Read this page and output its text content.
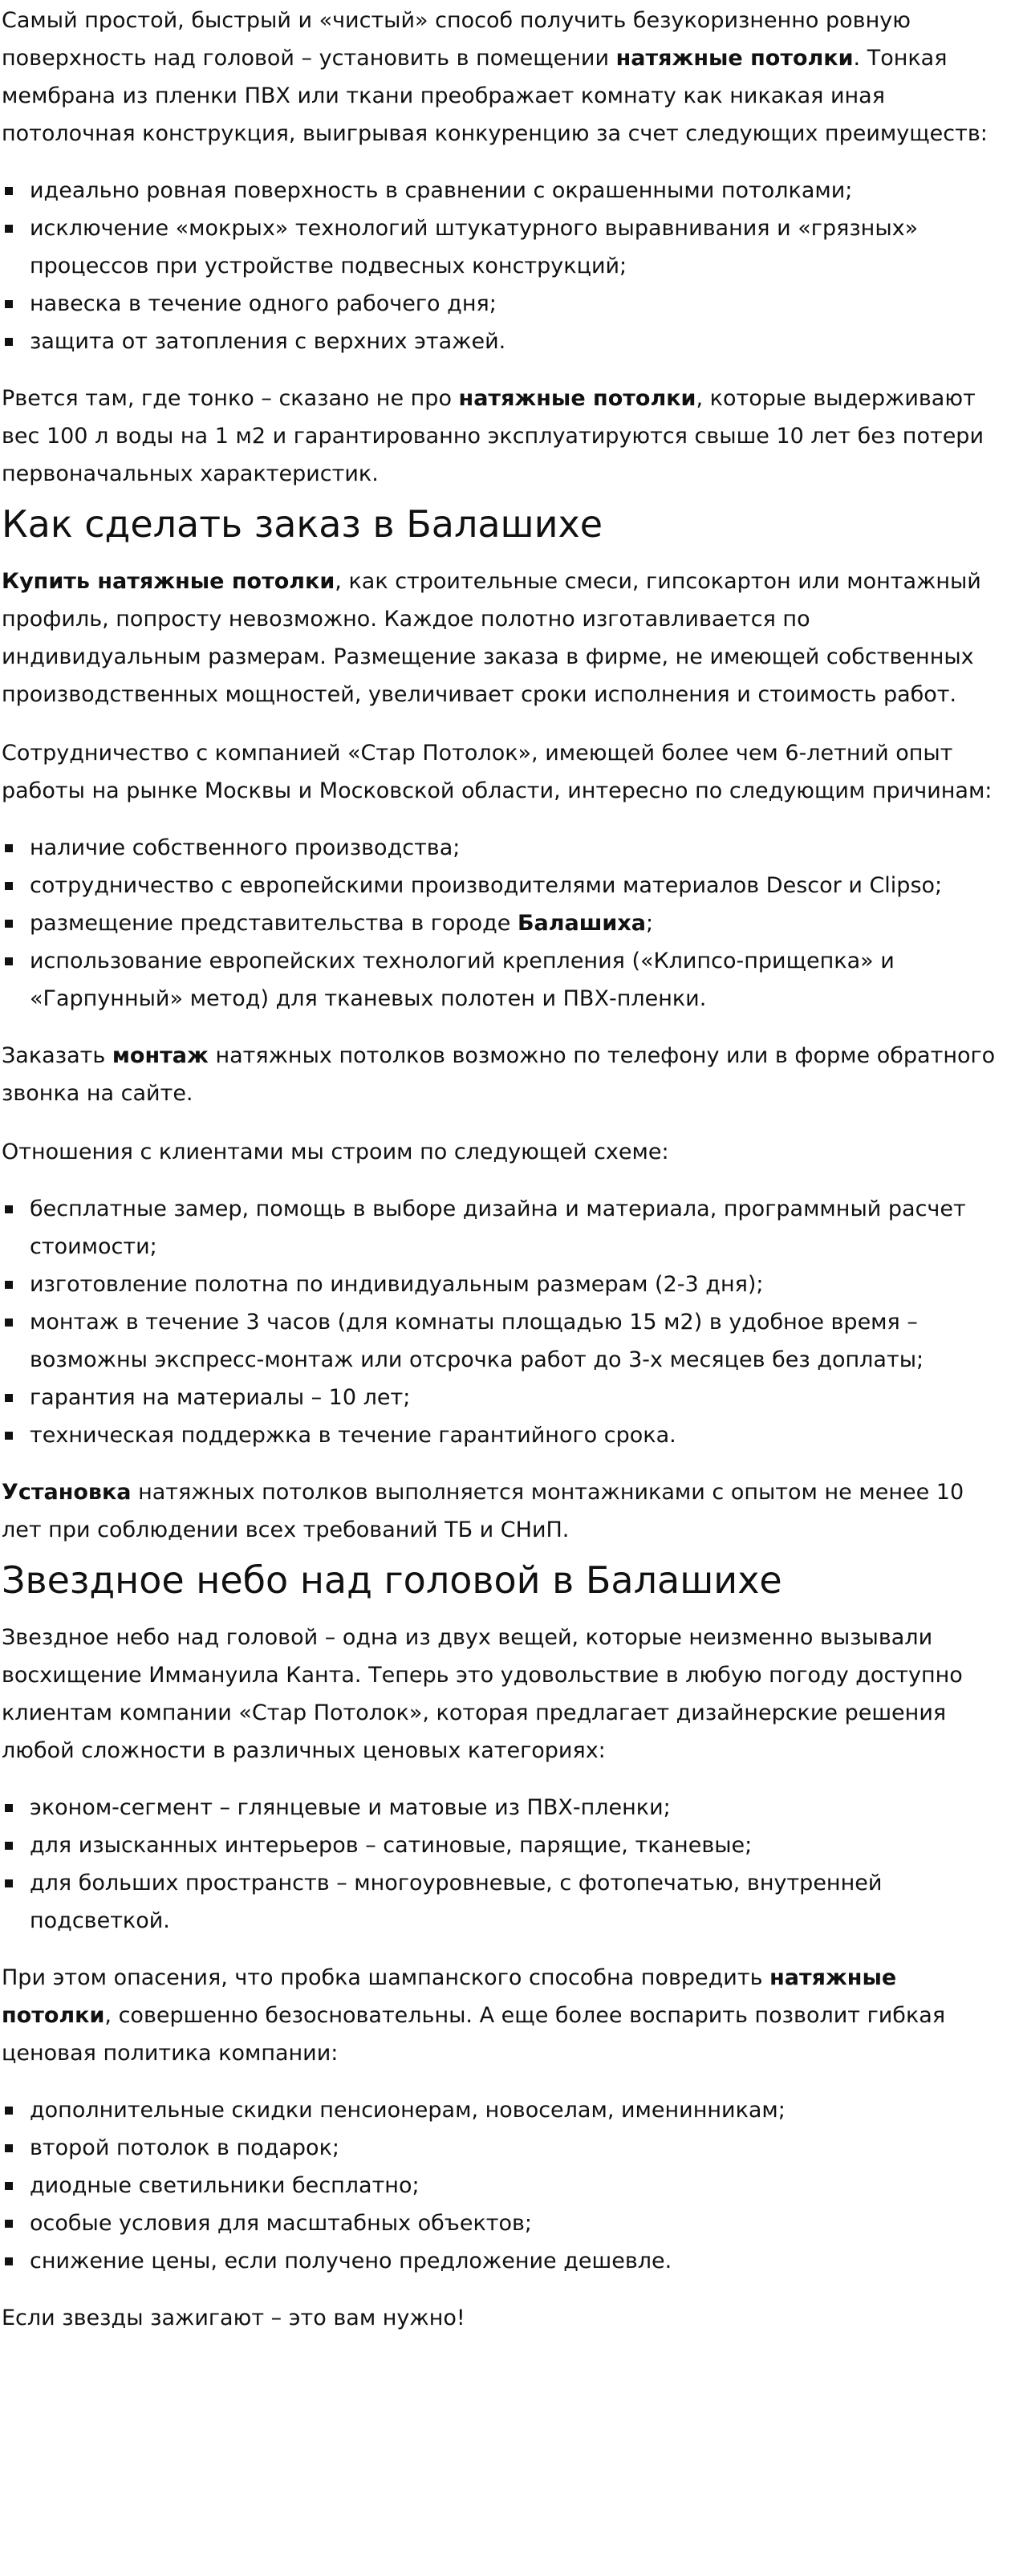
Самый простой, быстрый и «чистый» способ получить безукоризненно ровную поверхность над головой – установить в помещении натяжные потолки. Тонкая мембрана из пленки ПВХ или ткани преображает комнату как никакая иная потолочная конструкция, выигрывая конкуренцию за счет следующих преимуществ:

идеально ровная поверхность в сравнении с окрашенными потолками;
исключение «мокрых» технологий штукатурного выравнивания и «грязных» процессов при устройстве подвесных конструкций;
навеска в течение одного рабочего дня;
защита от затопления с верхних этажей.

Рвется там, где тонко – сказано не про натяжные потолки, которые выдерживают вес 100 л воды на 1 м2 и гарантированно эксплуатируются свыше 10 лет без потери первоначальных характеристик.

Как сделать заказ в Балашихе

Купить натяжные потолки, как строительные смеси, гипсокартон или монтажный профиль, попросту невозможно. Каждое полотно изготавливается по индивидуальным размерам. Размещение заказа в фирме, не имеющей собственных производственных мощностей, увеличивает сроки исполнения и стоимость работ.

Сотрудничество с компанией «Стар Потолок», имеющей более чем 6-летний опыт работы на рынке Москвы и Московской области, интересно по следующим причинам:

наличие собственного производства;
сотрудничество с европейскими производителями материалов Descor и Clipso;
размещение представительства в городе Балашиха;
использование европейских технологий крепления («Клипсо-прищепка» и «Гарпунный» метод) для тканевых полотен и ПВХ-пленки.

Заказать монтаж натяжных потолков возможно по телефону или в форме обратного звонка на сайте.

Отношения с клиентами мы строим по следующей схеме:

бесплатные замер, помощь в выборе дизайна и материала, программный расчет стоимости;
изготовление полотна по индивидуальным размерам (2-3 дня);
монтаж в течение 3 часов (для комнаты площадью 15 м2) в удобное время – возможны экспресс-монтаж или отсрочка работ до 3-х месяцев без доплаты;
гарантия на материалы – 10 лет;
техническая поддержка в течение гарантийного срока.

Установка натяжных потолков выполняется монтажниками с опытом не менее 10 лет при соблюдении всех требований ТБ и СНиП.

Звездное небо над головой в Балашихе

Звездное небо над головой – одна из двух вещей, которые неизменно вызывали восхищение Иммануила Канта. Теперь это удовольствие в любую погоду доступно клиентам компании «Стар Потолок», которая предлагает дизайнерские решения любой сложности в различных ценовых категориях:

эконом-сегмент – глянцевые и матовые из ПВХ-пленки;
для изысканных интерьеров – сатиновые, парящие, тканевые;
для больших пространств – многоуровневые, с фотопечатью, внутренней подсветкой.

При этом опасения, что пробка шампанского способна повредить натяжные потолки, совершенно безосновательны. А еще более воспарить позволит гибкая ценовая политика компании:

дополнительные скидки пенсионерам, новоселам, именинникам;
второй потолок в подарок;
диодные светильники бесплатно;
особые условия для масштабных объектов;
снижение цены, если получено предложение дешевле.

Если звезды зажигают – это вам нужно!
